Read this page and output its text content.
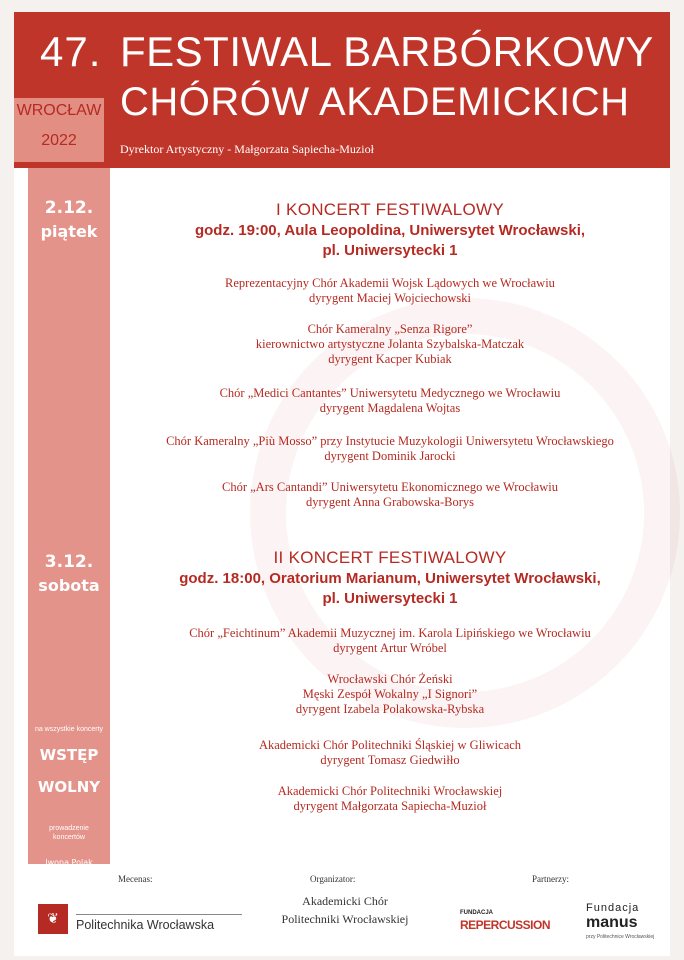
47. FESTIWAL BARBÓRKOWY
CHÓRÓW AKADEMICKICH
Dyrektor Artystyczny - Małgorzata Sapiecha-Muzioł
WROCŁAW
2022
2.12.
piątek
3.12.
sobota
na wszystkie koncerty
WSTĘP
WOLNY
prowadzenie
koncertów
Iwona Polak
I KONCERT FESTIWALOWY
godz. 19:00, Aula Leopoldina, Uniwersytet Wrocławski,
pl. Uniwersytecki 1
Reprezentacyjny Chór Akademii Wojsk Lądowych we Wrocławiu
dyrygent Maciej Wojciechowski
Chór Kameralny „Senza Rigore”
kierownictwo artystyczne Jolanta Szybalska-Matczak
dyrygent Kacper Kubiak
Chór „Medici Cantantes” Uniwersytetu Medycznego we Wrocławiu
dyrygent Magdalena Wojtas
Chór Kameralny „Più Mosso” przy Instytucie Muzykologii Uniwersytetu Wrocławskiego
dyrygent Dominik Jarocki
Chór „Ars Cantandi” Uniwersytetu Ekonomicznego we Wrocławiu
dyrygent Anna Grabowska-Borys
II KONCERT FESTIWALOWY
godz. 18:00, Oratorium Marianum, Uniwersytet Wrocławski,
pl. Uniwersytecki 1
Chór „Feichtinum” Akademii Muzycznej im. Karola Lipińskiego we Wrocławiu
dyrygent Artur Wróbel
Wrocławski Chór Żeński
Męski Zespół Wokalny „I Signori”
dyrygent Izabela Polakowska-Rybska
Akademicki Chór Politechniki Śląskiej w Gliwicach
dyrygent Tomasz Giedwiłło
Akademicki Chór Politechniki Wrocławskiej
dyrygent Małgorzata Sapiecha-Muzioł
Mecenas:
❦	Politechnika Wrocławska
Organizator:
Akademicki Chór
Politechniki Wrocławskiej
Partnerzy:
FUNDACJA
REPERCUSSION
Fundacja
manus
przy Politechnice Wrocławskiej
